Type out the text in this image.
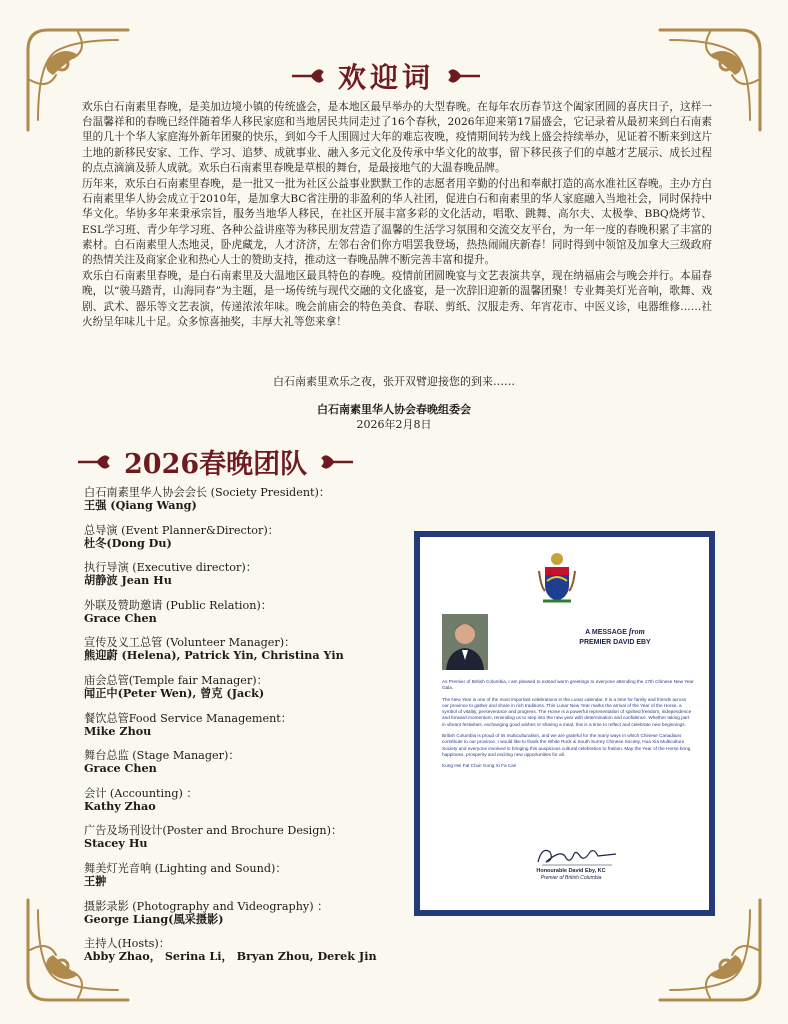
欢迎词

欢乐白石南素里春晚，是美加边境小镇的传统盛会，是本地区最早举办的大型春晚。在每年农历春节这个阖家团圆的喜庆日子，这样一台温馨祥和的春晚已经伴随着华人移民家庭和当地居民共同走过了16个春秋，2026年迎来第17届盛会，它记录着从最初来到白石南素里的几十个华人家庭海外新年团聚的快乐，到如今千人围圆过大年的难忘夜晚，疫情期间转为线上盛会持续举办，见证着不断来到这片土地的新移民安家、工作、学习、追梦、成就事业、融入多元文化及传承中华文化的故事，留下移民孩子们的卓越才艺展示、成长过程的点点滴滴及骄人成就。欢乐白石南素里春晚是草根的舞台，是最接地气的大温春晚品牌。

历年来，欢乐白石南素里春晚，是一批又一批为社区公益事业默默工作的志愿者用辛勤的付出和奉献打造的高水准社区春晚。主办方白石南素里华人协会成立于2010年，是加拿大BC省注册的非盈利的华人社团，促进白石和南素里的华人家庭融入当地社会，同时保持中华文化。华协多年来秉承宗旨，服务当地华人移民，在社区开展丰富多彩的文化活动，唱歌、跳舞、高尔夫、太极拳、BBQ烧烤节、ESL学习班、青少年学习班、各种公益讲座等为移民朋友营造了温馨的生活学习氛围和交流交友平台，为一年一度的春晚积累了丰富的素材。白石南素里人杰地灵，卧虎藏龙，人才济济，左邻右舍们你方唱罢我登场，热热闹闹庆新春！同时得到中领馆及加拿大三级政府的热情关注及商家企业和热心人士的赞助支持，推动这一春晚品牌不断完善丰富和提升。

欢乐白石南素里春晚，是白石南素里及大温地区最具特色的春晚。疫情前团圆晚宴与文艺表演共享，现在纳福庙会与晚会并行。本届春晚，以“骏马踏青，山海同春”为主题，是一场传统与现代交融的文化盛宴，是一次辞旧迎新的温馨团聚！专业舞美灯光音响，歌舞、戏剧、武术、器乐等文艺表演，传递浓浓年味。晚会前庙会的特色美食、春联、剪纸、汉服走秀、年宵花市、中医义诊，电器维修……社火纷呈年味儿十足。众多惊喜抽奖，丰厚大礼等您来拿！

白石南素里欢乐之夜，张开双臂迎接您的到来……
白石南素里华人协会春晚组委会
2026年2月8日
2026春晚团队
白石南素里华人协会会长 (Society President)：
王强 (Qiang Wang)
总导演 (Event Planner&Director)：
杜冬(Dong Du)
执行导演 (Executive director)：
胡静波 Jean Hu
外联及赞助邀请 (Public Relation)：
Grace Chen
宣传及义工总管 (Volunteer Manager)：
熊迎蔚 (Helena), Patrick Yin, Christina Yin
庙会总管(Temple fair Manager)：
闻正中(Peter Wen), 曾克 (Jack)
餐饮总管Food Service Management：
Mike Zhou
舞台总监 (Stage Manager)：
Grace Chen
会计 (Accounting) ：
Kathy Zhao
广告及场刊设计(Poster and Brochure Design)：
Stacey Hu
舞美灯光音响 (Lighting and Sound)：
王翀
摄影录影 (Photography and Videography) ：
George Liang(風采摄影)
主持人(Hosts)：
Abby Zhao， Serina Li， Bryan Zhou, Derek Jin
A MESSAGE from
PREMIER DAVID EBY

As Premier of British Columbia, I am pleased to extend warm greetings to everyone attending the 17th Chinese New Year Gala.

The New Year is one of the most important celebrations in the Lunar calendar. It is a time for family and friends across our province to gather and share in rich traditions. This Lunar New Year marks the arrival of the Year of the Horse, a symbol of vitality, perseverance and progress. The Horse is a powerful representation of spirited freedom, independence and forward momentum, reminding us to step into the new year with determination and confidence. Whether taking part in vibrant festivities, exchanging good wishes or sharing a meal, this is a time to reflect and celebrate new beginnings.

British Columbia is proud of its multiculturalism, and we are grateful for the many ways in which Chinese Canadians contribute to our province. I would like to thank the White Rock & South Surrey Chinese Society, Hua Xia Multiculture Society and everyone involved in bringing this auspicious cultural celebration to fruition. May the Year of the Horse bring happiness, prosperity and exciting new opportunities for all.

Kung Hei Fat Choi! Gong Xi Fa Cai!

Honourable David Eby, KC
Premier of British Columbia
